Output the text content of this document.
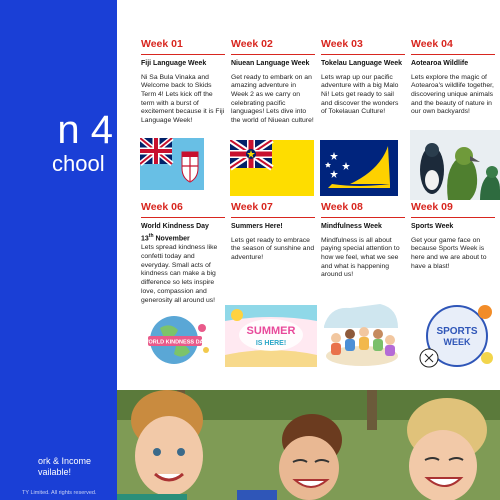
n 4
chool
ork & Income
vailable!
TY Limited. All rights reserved.
Week 01
Fiji Language Week
Ni Sa Bula Vinaka and Welcome back to Skids Term 4! Lets kick off the term with a burst of excitement because it is Fiji Language Week!
Week 02
Niuean Language Week
Get ready to embark on an amazing adventure in Week 2 as we carry on celebrating pacific languages! Lets dive into the world of Niuean culture!
Week 03
Tokelau Language Week
Lets wrap up our pacific adventure with a big Malo Ni! Lets get ready to sail and discover the wonders of Tokelauan Culture!
Week 04
Aotearoa Wildlife
Lets explore the magic of Aotearoa's wildlife together, discovering unique animals and the beauty of nature in our own backyards!
Week 06
World Kindness Day
13th November
Lets spread kindness like confetti today and everyday. Small acts of kindness can make a big difference so lets inspire love, compassion and generosity all around us!
WORLD KINDNESS DAY
Week 07
Summers Here!
Lets get ready to embrace the season of sunshine and adventure!
SUMMER
IS HERE!
Week 08
Mindfulness Week
Mindfulness is all about paying special attention to how we feel, what we see and what is happening around us!
Week 09
Sports Week
Get your game face on because Sports Week is here and we are about to have a blast!
SPORTS
WEEK
